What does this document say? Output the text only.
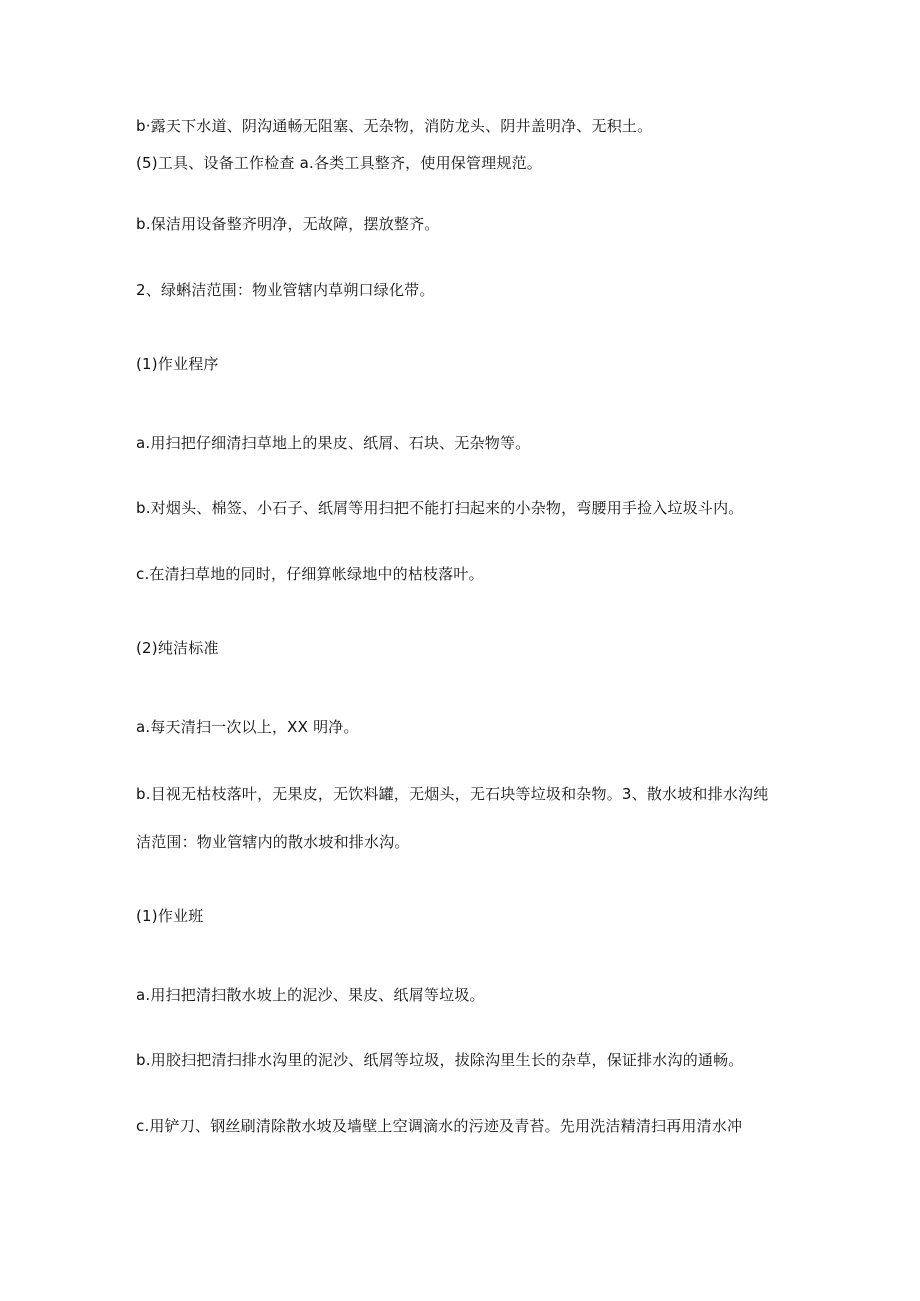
b·露天下水道、阴沟通畅无阻塞、无杂物，消防龙头、阴井盖明净、无积土。
(5)工具、设备工作检查 a.各类工具整齐，使用保管理规范。
b.保洁用设备整齐明净，无故障，摆放整齐。
2、绿蝌洁范围：物业管辖内草朔口绿化带。
(1)作业程序
a.用扫把仔细清扫草地上的果皮、纸屑、石块、无杂物等。
b.对烟头、棉签、小石子、纸屑等用扫把不能打扫起来的小杂物，弯腰用手捡入垃圾斗内。
c.在清扫草地的同时，仔细算帐绿地中的枯枝落叶。
(2)纯洁标准
a.每天清扫一次以上，XX 明净。
b.目视无枯枝落叶，无果皮，无饮料罐，无烟头，无石块等垃圾和杂物。3、散水坡和排水沟纯
洁范围：物业管辖内的散水坡和排水沟。
(1)作业班
a.用扫把清扫散水坡上的泥沙、果皮、纸屑等垃圾。
b.用胶扫把清扫排水沟里的泥沙、纸屑等垃圾，拔除沟里生长的杂草，保证排水沟的通畅。
c.用铲刀、钢丝刷清除散水坡及墙壁上空调滴水的污迹及青苔。先用洗洁精清扫再用清水冲
